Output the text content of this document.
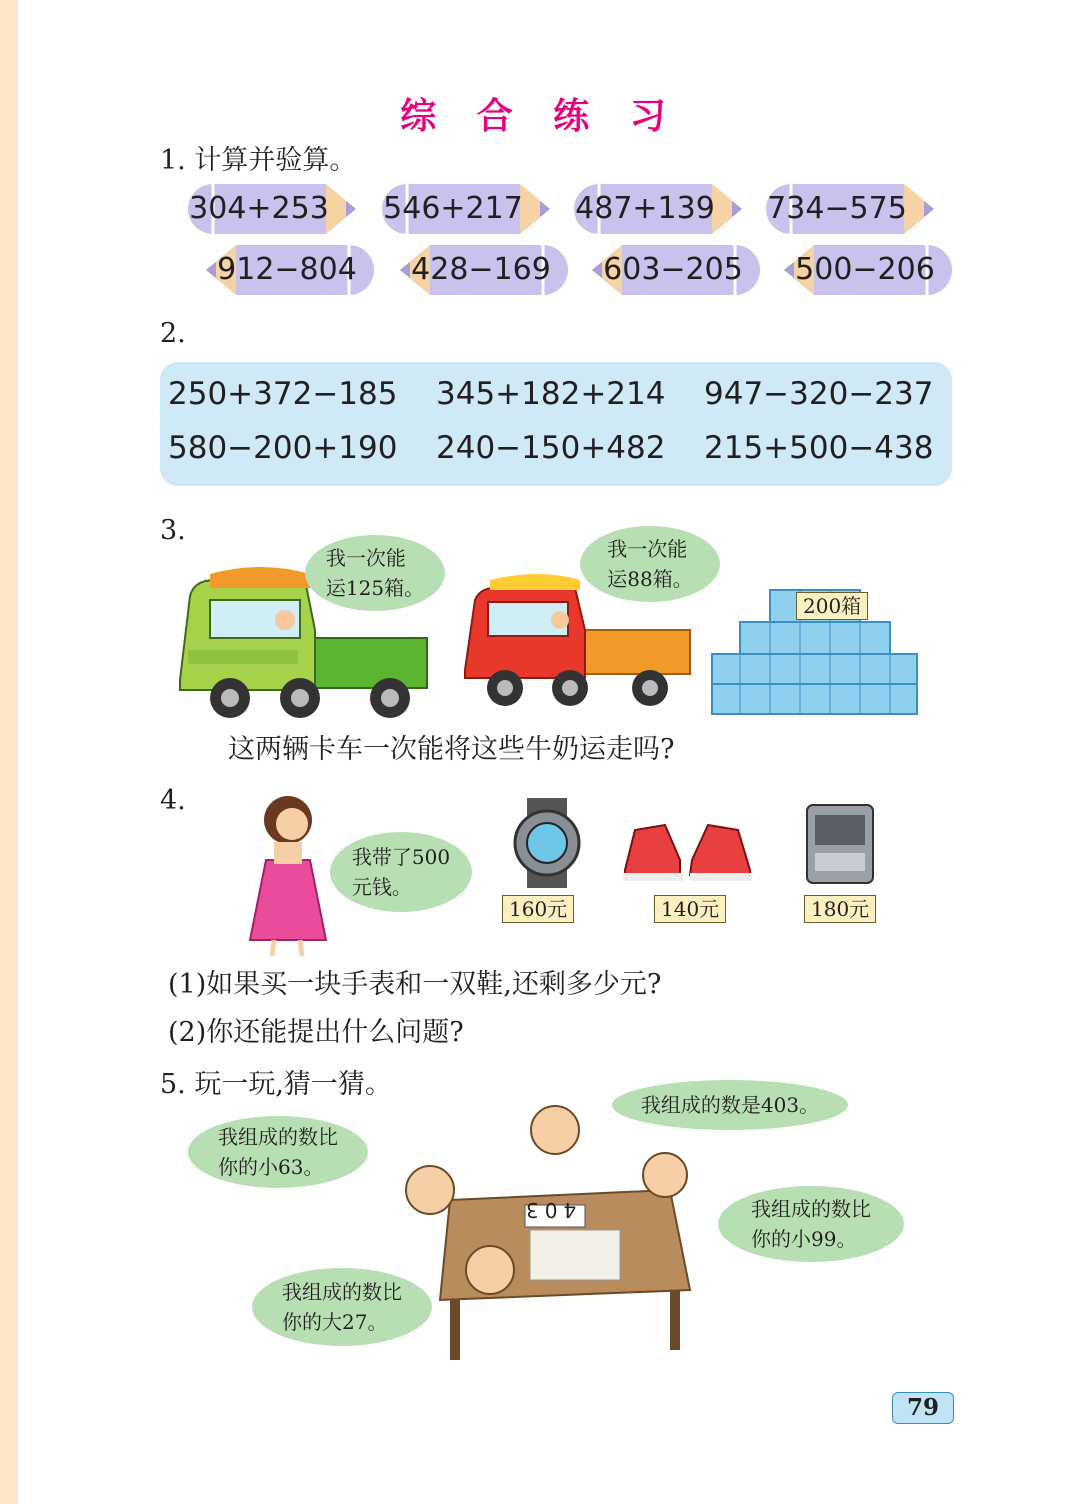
综 合 练 习
1. 计算并验算。
304+253	546+217	487+139	734−575
912−804	428−169	603−205	500−206
2.
250+372−185 345+182+214 947−320−237
580−200+190 240−150+482 215+500−438
3.
我一次能
运125箱。
我一次能
运88箱。
200箱
这两辆卡车一次能将这些牛奶运走吗?
4.
我带了500
元钱。
160元	140元	180元
(1)如果买一块手表和一双鞋,还剩多少元?
(2)你还能提出什么问题?
5. 玩一玩,猜一猜。
403
我组成的数是403。
我组成的数比
你的小63。
我组成的数比
你的小99。
我组成的数比
你的大27。
79
